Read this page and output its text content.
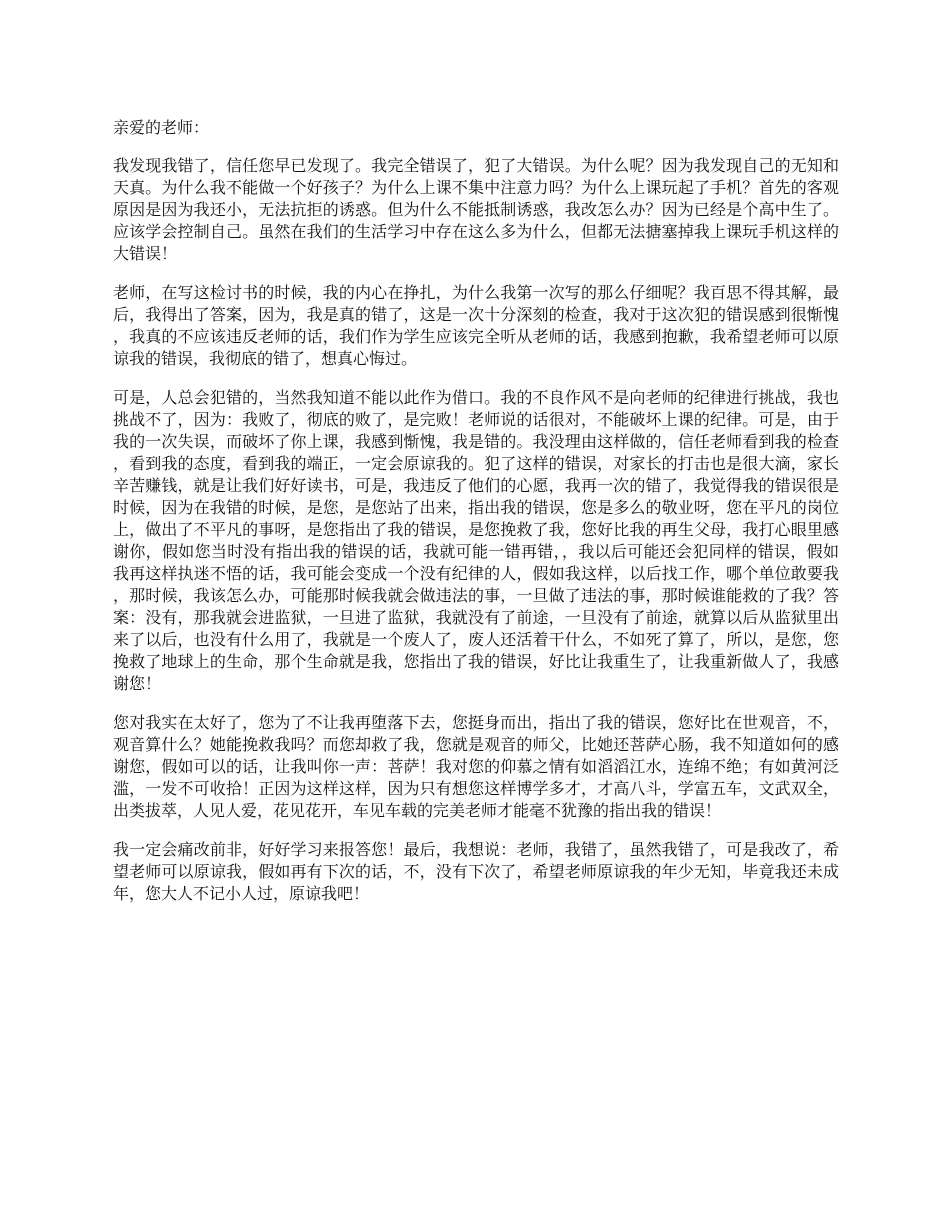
亲爱的老师：

我发现我错了，信任您早已发现了。我完全错误了，犯了大错误。为什么呢？因为我发现自己的无知和天真。为什么我不能做一个好孩子？为什么上课不集中注意力吗？为什么上课玩起了手机？首先的客观原因是因为我还小，无法抗拒的诱惑。但为什么不能抵制诱惑，我改怎么办？因为已经是个高中生了。应该学会控制自己。虽然在我们的生活学习中存在这么多为什么，但都无法搪塞掉我上课玩手机这样的大错误！

老师，在写这检讨书的时候，我的内心在挣扎，为什么我第一次写的那么仔细呢？我百思不得其解，最后，我得出了答案，因为，我是真的错了，这是一次十分深刻的检查，我对于这次犯的错误感到很惭愧，我真的不应该违反老师的话，我们作为学生应该完全听从老师的话，我感到抱歉，我希望老师可以原谅我的错误，我彻底的错了，想真心悔过。

可是，人总会犯错的，当然我知道不能以此作为借口。我的不良作风不是向老师的纪律进行挑战，我也挑战不了，因为：我败了，彻底的败了，是完败！老师说的话很对，不能破坏上课的纪律。可是，由于我的一次失误，而破坏了你上课，我感到惭愧，我是错的。我没理由这样做的，信任老师看到我的检查，看到我的态度，看到我的端正，一定会原谅我的。犯了这样的错误，对家长的打击也是很大滴，家长辛苦赚钱，就是让我们好好读书，可是，我违反了他们的心愿，我再一次的错了，我觉得我的错误很是时候，因为在我错的时候，是您，是您站了出来，指出我的错误，您是多么的敬业呀，您在平凡的岗位上，做出了不平凡的事呀，是您指出了我的错误，是您挽救了我，您好比我的再生父母，我打心眼里感谢你，假如您当时没有指出我的错误的话，我就可能一错再错，，我以后可能还会犯同样的错误，假如我再这样执迷不悟的话，我可能会变成一个没有纪律的人，假如我这样，以后找工作，哪个单位敢要我，那时候，我该怎么办，可能那时候我就会做违法的事，一旦做了违法的事，那时候谁能救的了我？答案：没有，那我就会进监狱，一旦进了监狱，我就没有了前途，一旦没有了前途，就算以后从监狱里出来了以后，也没有什么用了，我就是一个废人了，废人还活着干什么，不如死了算了，所以，是您，您挽救了地球上的生命，那个生命就是我，您指出了我的错误，好比让我重生了，让我重新做人了，我感谢您！

您对我实在太好了，您为了不让我再堕落下去，您挺身而出，指出了我的错误，您好比在世观音，不，观音算什么？她能挽救我吗？而您却救了我，您就是观音的师父，比她还菩萨心肠，我不知道如何的感谢您，假如可以的话，让我叫你一声：菩萨！我对您的仰慕之情有如滔滔江水，连绵不绝；有如黄河泛滥，一发不可收拾！正因为这样这样，因为只有想您这样博学多才，才高八斗，学富五车，文武双全，出类拔萃，人见人爱，花见花开，车见车载的完美老师才能毫不犹豫的指出我的错误！

我一定会痛改前非，好好学习来报答您！最后，我想说：老师，我错了，虽然我错了，可是我改了，希望老师可以原谅我，假如再有下次的话，不，没有下次了，希望老师原谅我的年少无知，毕竟我还未成年，您大人不记小人过，原谅我吧！
